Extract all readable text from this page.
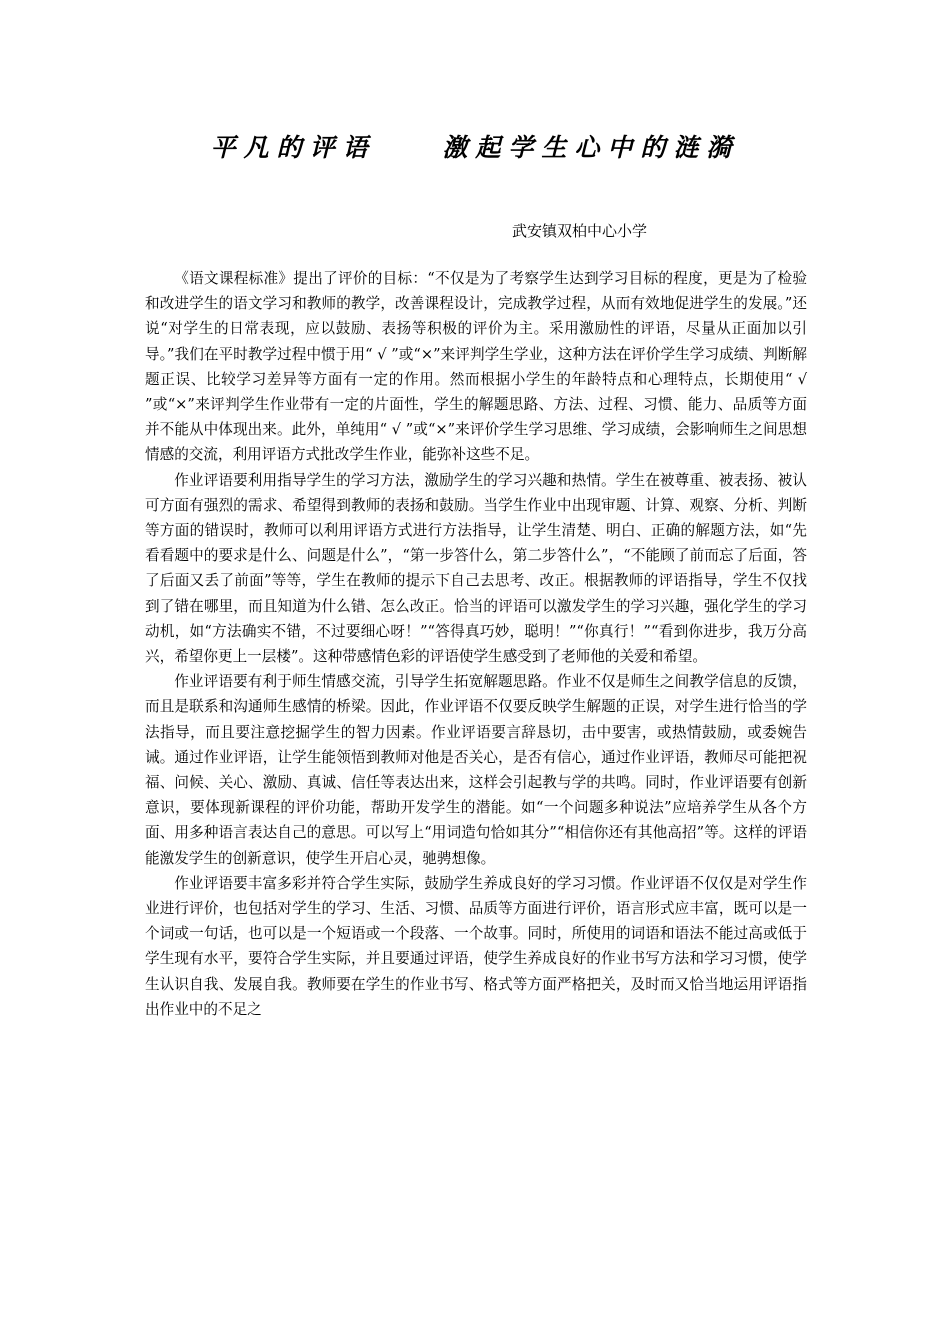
平凡的评语    激起学生心中的涟漪
武安镇双柏中心小学

《语文课程标准》提出了评价的目标：“不仅是为了考察学生达到学习目标的程度，更是为了检验和改进学生的语文学习和教师的教学，改善课程设计，完成教学过程，从而有效地促进学生的发展。”还说“对学生的日常表现，应以鼓励、表扬等积极的评价为主。采用激励性的评语，尽量从正面加以引导。”我们在平时教学过程中惯于用“ √ ”或“×”来评判学生学业，这种方法在评价学生学习成绩、判断解题正误、比较学习差异等方面有一定的作用。然而根据小学生的年龄特点和心理特点，长期使用“ √ ”或“×”来评判学生作业带有一定的片面性，学生的解题思路、方法、过程、习惯、能力、品质等方面并不能从中体现出来。此外，单纯用“ √ ”或“×”来评价学生学习思维、学习成绩，会影响师生之间思想情感的交流，利用评语方式批改学生作业，能弥补这些不足。

作业评语要利用指导学生的学习方法，激励学生的学习兴趣和热情。学生在被尊重、被表扬、被认可方面有强烈的需求、希望得到教师的表扬和鼓励。当学生作业中出现审题、计算、观察、分析、判断等方面的错误时，教师可以利用评语方式进行方法指导，让学生清楚、明白、正确的解题方法，如“先看看题中的要求是什么、问题是什么”，“第一步答什么，第二步答什么”，“不能顾了前而忘了后面，答了后面又丢了前面”等等，学生在教师的提示下自己去思考、改正。根据教师的评语指导，学生不仅找到了错在哪里，而且知道为什么错、怎么改正。恰当的评语可以激发学生的学习兴趣，强化学生的学习动机，如“方法确实不错，不过要细心呀！”“答得真巧妙，聪明！”“你真行！”“看到你进步，我万分高兴，希望你更上一层楼”。这种带感情色彩的评语使学生感受到了老师他的关爱和希望。

作业评语要有利于师生情感交流，引导学生拓宽解题思路。作业不仅是师生之间教学信息的反馈，而且是联系和沟通师生感情的桥梁。因此，作业评语不仅要反映学生解题的正误，对学生进行恰当的学法指导，而且要注意挖掘学生的智力因素。作业评语要言辞恳切，击中要害，或热情鼓励，或委婉告诫。通过作业评语，让学生能领悟到教师对他是否关心，是否有信心，通过作业评语，教师尽可能把祝福、问候、关心、激励、真诚、信任等表达出来，这样会引起教与学的共鸣。同时，作业评语要有创新意识，要体现新课程的评价功能，帮助开发学生的潜能。如“一个问题多种说法”应培养学生从各个方面、用多种语言表达自己的意思。可以写上“用词造句恰如其分”“相信你还有其他高招”等。这样的评语能激发学生的创新意识，使学生开启心灵，驰骋想像。

作业评语要丰富多彩并符合学生实际，鼓励学生养成良好的学习习惯。作业评语不仅仅是对学生作业进行评价，也包括对学生的学习、生活、习惯、品质等方面进行评价，语言形式应丰富，既可以是一个词或一句话，也可以是一个短语或一个段落、一个故事。同时，所使用的词语和语法不能过高或低于学生现有水平，要符合学生实际，并且要通过评语，使学生养成良好的作业书写方法和学习习惯，使学生认识自我、发展自我。教师要在学生的作业书写、格式等方面严格把关，及时而又恰当地运用评语指出作业中的不足之
